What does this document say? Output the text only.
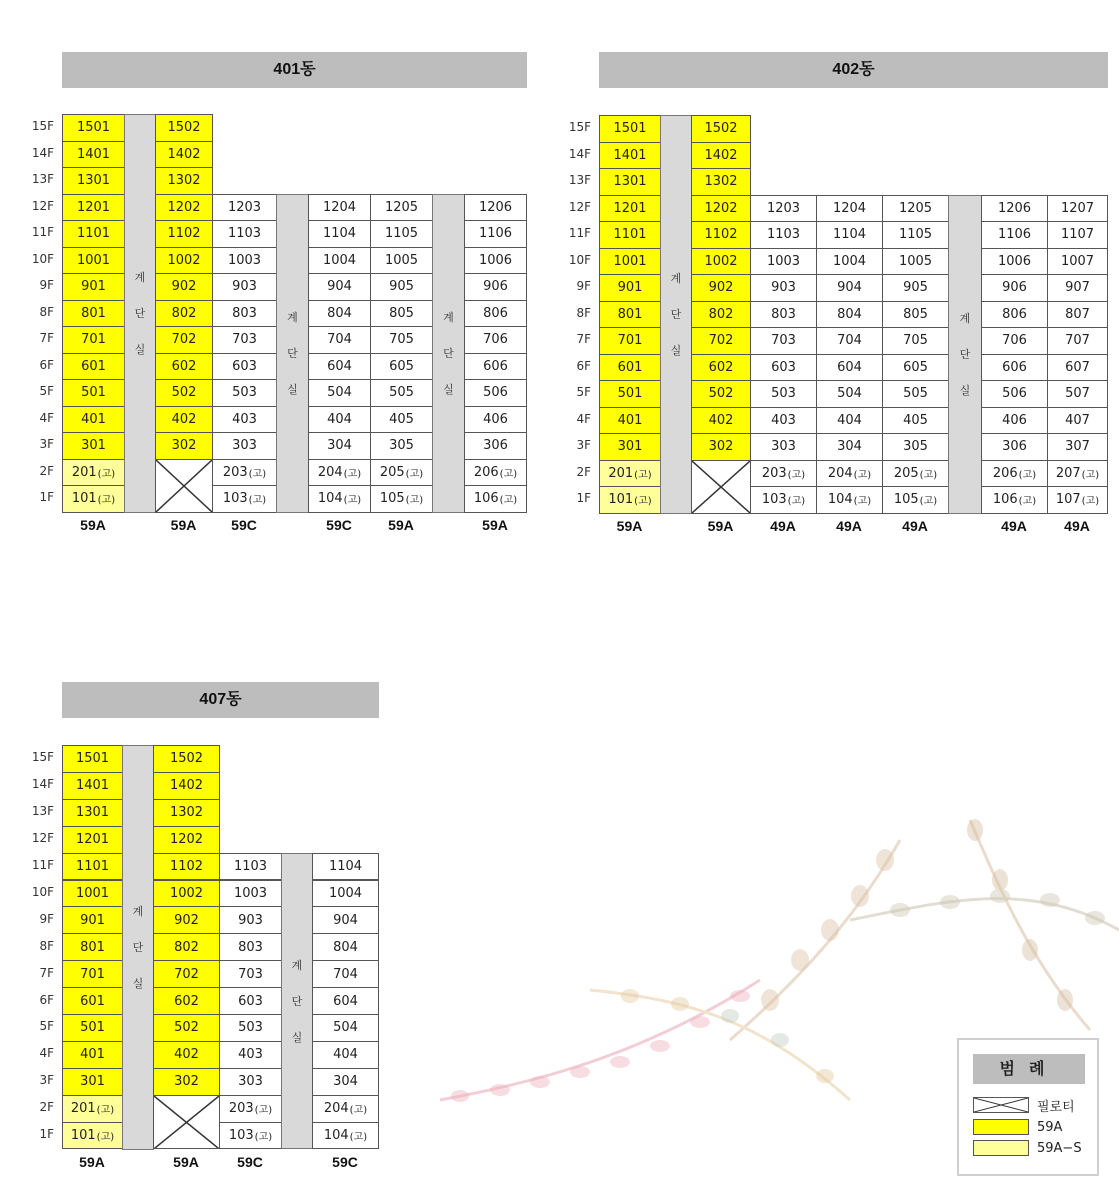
범례
필로티
59A
59A−S
401동
15F
14F
13F
12F
11F
10F
9F
8F
7F
6F
5F
4F
3F
2F
1F
1501
1401
1301
1201
1101
1001
901
801
701
601
501
401
301
201 (고)
101 (고)
59A
계
단
실
1502
1402
1302
1202
1102
1002
902
802
702
602
502
402
302
59A
1203
1103
1003
903
803
703
603
503
403
303
203 (고)
103 (고)
59C
계
단
실
1204
1104
1004
904
804
704
604
504
404
304
204 (고)
104 (고)
59C
1205
1105
1005
905
805
705
605
505
405
305
205 (고)
105 (고)
59A
계
단
실
1206
1106
1006
906
806
706
606
506
406
306
206 (고)
106 (고)
59A
402동
15F
14F
13F
12F
11F
10F
9F
8F
7F
6F
5F
4F
3F
2F
1F
1501
1401
1301
1201
1101
1001
901
801
701
601
501
401
301
201 (고)
101 (고)
59A
계
단
실
1502
1402
1302
1202
1102
1002
902
802
702
602
502
402
302
59A
1203
1103
1003
903
803
703
603
503
403
303
203 (고)
103 (고)
49A
1204
1104
1004
904
804
704
604
504
404
304
204 (고)
104 (고)
49A
1205
1105
1005
905
805
705
605
505
405
305
205 (고)
105 (고)
49A
계
단
실
1206
1106
1006
906
806
706
606
506
406
306
206 (고)
106 (고)
49A
1207
1107
1007
907
807
707
607
507
407
307
207 (고)
107 (고)
49A
407동
15F
14F
13F
12F
11F
10F
9F
8F
7F
6F
5F
4F
3F
2F
1F
1501
1401
1301
1201
1101
1001
901
801
701
601
501
401
301
201 (고)
101 (고)
59A
계
단
실
1502
1402
1302
1202
1102
1002
902
802
702
602
502
402
302
59A
1103
1003
903
803
703
603
503
403
303
203 (고)
103 (고)
59C
계
단
실
1104
1004
904
804
704
604
504
404
304
204 (고)
104 (고)
59C
